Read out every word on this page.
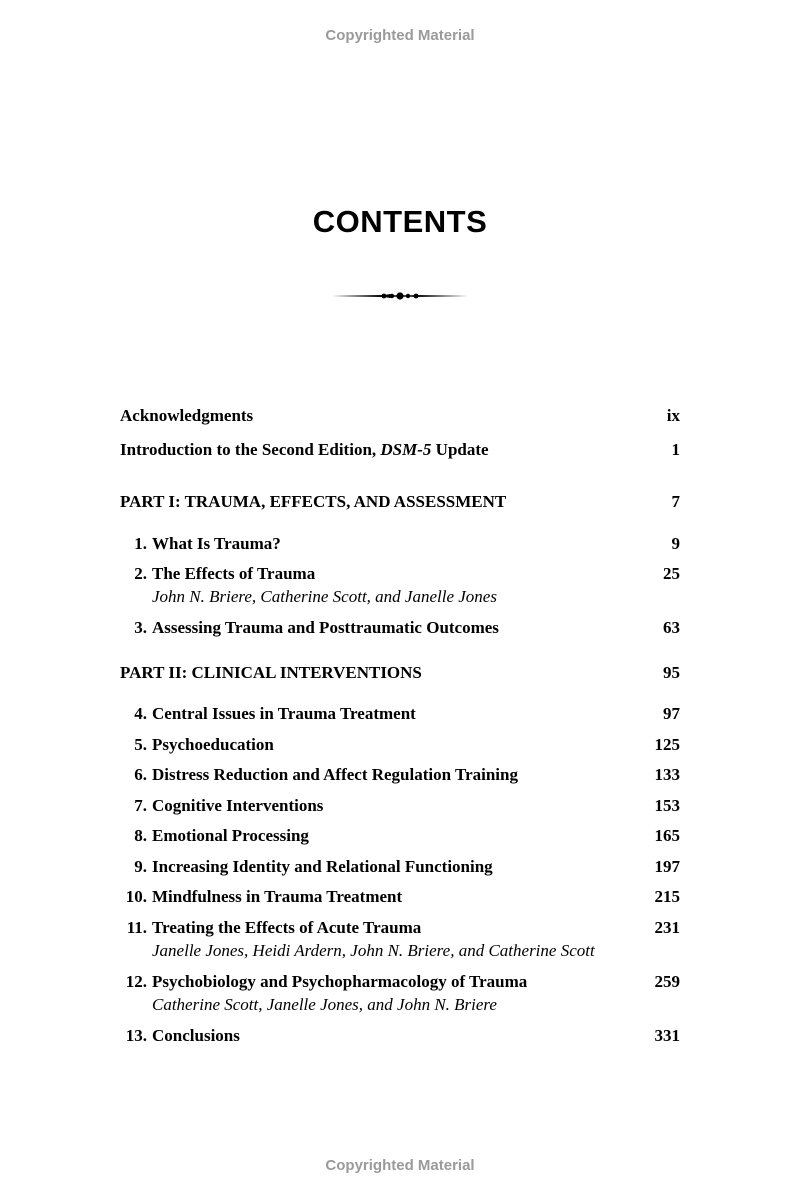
Copyrighted Material
CONTENTS
Acknowledgments	ix
Introduction to the Second Edition, DSM-5 Update	1
PART I: TRAUMA, EFFECTS, AND ASSESSMENT	7
1. What Is Trauma?	9
2. The Effects of Trauma	25
John N. Briere, Catherine Scott, and Janelle Jones
3. Assessing Trauma and Posttraumatic Outcomes	63
PART II: CLINICAL INTERVENTIONS	95
4. Central Issues in Trauma Treatment	97
5. Psychoeducation	125
6. Distress Reduction and Affect Regulation Training	133
7. Cognitive Interventions	153
8. Emotional Processing	165
9. Increasing Identity and Relational Functioning	197
10. Mindfulness in Trauma Treatment	215
11. Treating the Effects of Acute Trauma	231
Janelle Jones, Heidi Ardern, John N. Briere, and Catherine Scott
12. Psychobiology and Psychopharmacology of Trauma	259
Catherine Scott, Janelle Jones, and John N. Briere
13. Conclusions	331
Copyrighted Material
